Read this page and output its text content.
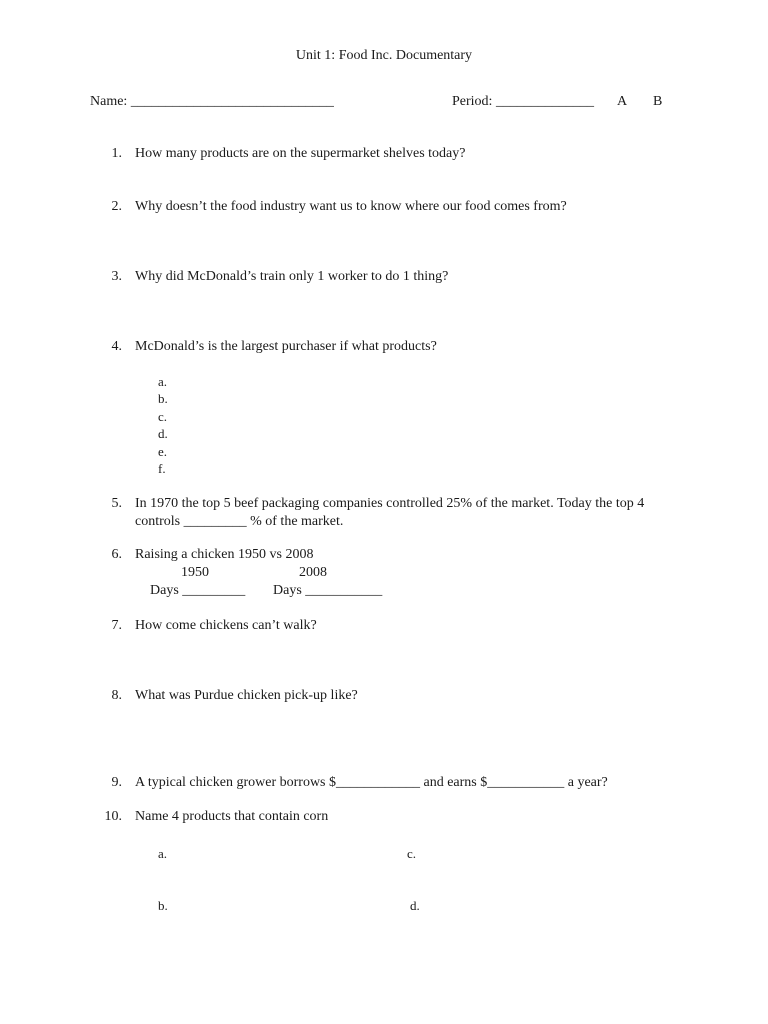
Unit 1: Food Inc. Documentary
Name: _____________________________	Period: ______________ A B
1. How many products are on the supermarket shelves today?
2. Why doesn’t the food industry want us to know where our food comes from?
3. Why did McDonald’s train only 1 worker to do 1 thing?
4. McDonald’s is the largest purchaser if what products?
a.
b.
c.
d.
e.
f.
5. In 1970 the top 5 beef packaging companies controlled 25% of the market. Today the top 4
controls _________ % of the market.
6. Raising a chicken 1950 vs 2008
1950	2008
Days _________ Days ___________
7. How come chickens can’t walk?
8. What was Purdue chicken pick-up like?
9. A typical chicken grower borrows $____________ and earns $___________ a year?
10. Name 4 products that contain corn
a.	c.
b.	d.
